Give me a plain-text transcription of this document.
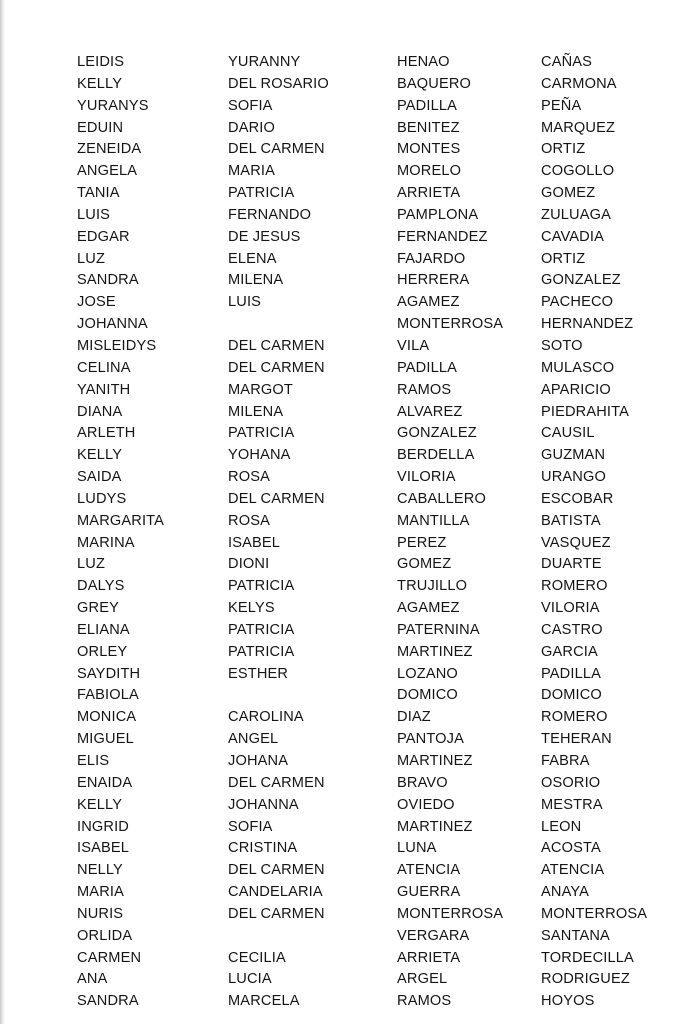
LEIDIS	YURANNY	HENAO	CAÑAS
KELLY	DEL ROSARIO	BAQUERO	CARMONA
YURANYS	SOFIA	PADILLA	PEÑA
EDUIN	DARIO	BENITEZ	MARQUEZ
ZENEIDA	DEL CARMEN	MONTES	ORTIZ
ANGELA	MARIA	MORELO	COGOLLO
TANIA	PATRICIA	ARRIETA	GOMEZ
LUIS	FERNANDO	PAMPLONA	ZULUAGA
EDGAR	DE JESUS	FERNANDEZ	CAVADIA
LUZ	ELENA	FAJARDO	ORTIZ
SANDRA	MILENA	HERRERA	GONZALEZ
JOSE	LUIS	AGAMEZ	PACHECO
JOHANNA		MONTERROSA	HERNANDEZ
MISLEIDYS	DEL CARMEN	VILA	SOTO
CELINA	DEL CARMEN	PADILLA	MULASCO
YANITH	MARGOT	RAMOS	APARICIO
DIANA	MILENA	ALVAREZ	PIEDRAHITA
ARLETH	PATRICIA	GONZALEZ	CAUSIL
KELLY	YOHANA	BERDELLA	GUZMAN
SAIDA	ROSA	VILORIA	URANGO
LUDYS	DEL CARMEN	CABALLERO	ESCOBAR
MARGARITA	ROSA	MANTILLA	BATISTA
MARINA	ISABEL	PEREZ	VASQUEZ
LUZ	DIONI	GOMEZ	DUARTE
DALYS	PATRICIA	TRUJILLO	ROMERO
GREY	KELYS	AGAMEZ	VILORIA
ELIANA	PATRICIA	PATERNINA	CASTRO
ORLEY	PATRICIA	MARTINEZ	GARCIA
SAYDITH	ESTHER	LOZANO	PADILLA
FABIOLA		DOMICO	DOMICO
MONICA	CAROLINA	DIAZ	ROMERO
MIGUEL	ANGEL	PANTOJA	TEHERAN
ELIS	JOHANA	MARTINEZ	FABRA
ENAIDA	DEL CARMEN	BRAVO	OSORIO
KELLY	JOHANNA	OVIEDO	MESTRA
INGRID	SOFIA	MARTINEZ	LEON
ISABEL	CRISTINA	LUNA	ACOSTA
NELLY	DEL CARMEN	ATENCIA	ATENCIA
MARIA	CANDELARIA	GUERRA	ANAYA
NURIS	DEL CARMEN	MONTERROSA	MONTERROSA
ORLIDA		VERGARA	SANTANA
CARMEN	CECILIA	ARRIETA	TORDECILLA
ANA	LUCIA	ARGEL	RODRIGUEZ
SANDRA	MARCELA	RAMOS	HOYOS
